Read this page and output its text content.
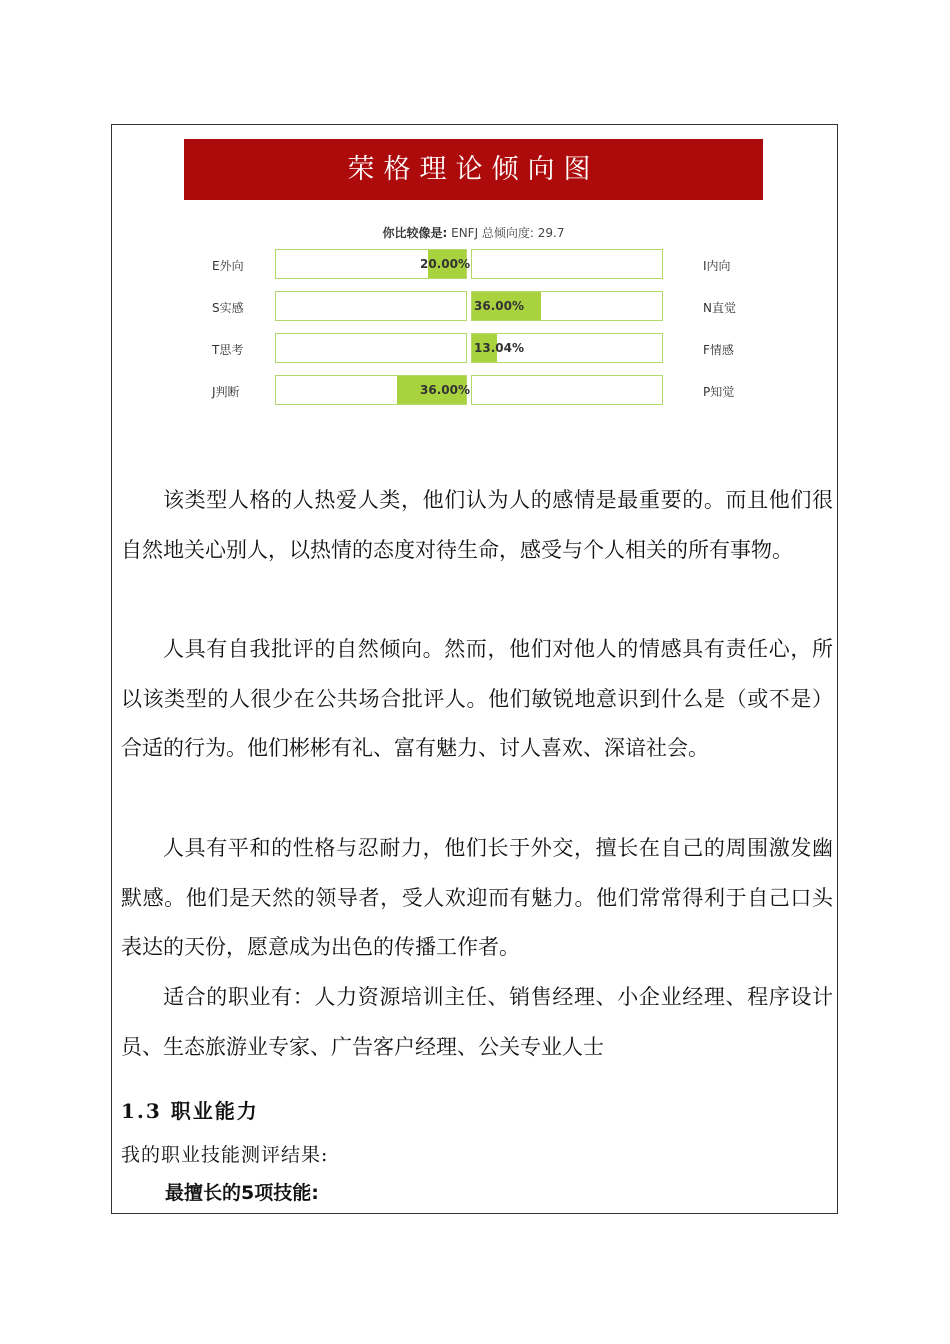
荣格理论倾向图
你比较像是: ENFJ 总倾向度: 29.7
E外向	20.00%	I内向
S实感	36.00%	N直觉
T思考	13.04%	F情感
J判断	36.00%	P知觉

该类型人格的人热爱人类，他们认为人的感情是最重要的。而且他们很自然地关心别人，以热情的态度对待生命，感受与个人相关的所有事物。

人具有自我批评的自然倾向。然而，他们对他人的情感具有责任心，所以该类型的人很少在公共场合批评人。他们敏锐地意识到什么是（或不是）合适的行为。他们彬彬有礼、富有魅力、讨人喜欢、深谙社会。

人具有平和的性格与忍耐力，他们长于外交，擅长在自己的周围激发幽默感。他们是天然的领导者，受人欢迎而有魅力。他们常常得利于自己口头表达的天份，愿意成为出色的传播工作者。

适合的职业有：人力资源培训主任、销售经理、小企业经理、程序设计员、生态旅游业专家、广告客户经理、公关专业人士

1.3 职业能力
我的职业技能测评结果:
最擅长的5项技能:
